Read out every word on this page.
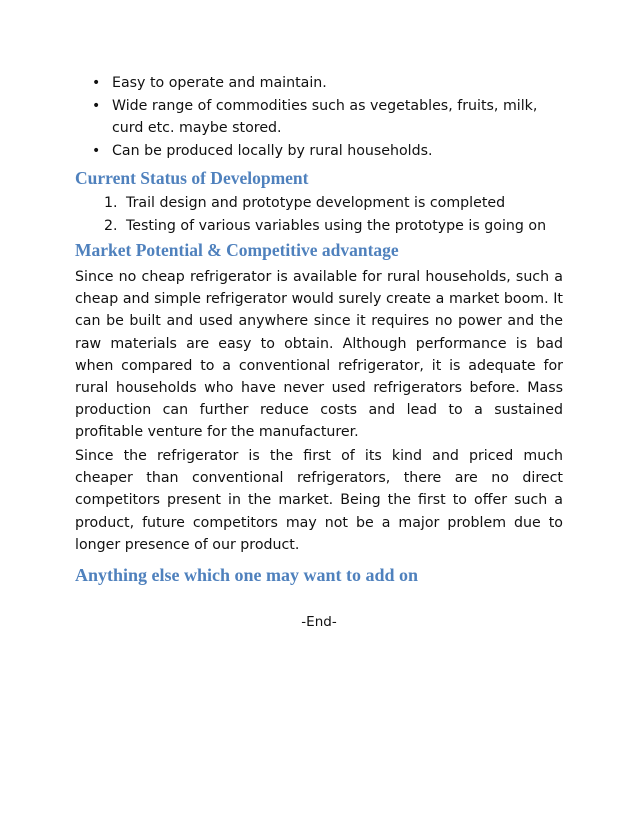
• Easy to operate and maintain.
• Wide range of commodities such as vegetables, fruits, milk, curd etc. maybe stored.
• Can be produced locally by rural households.
Current Status of Development
1. Trail design and prototype development is completed
2. Testing of various variables using the prototype is going on
Market Potential & Competitive advantage

Since no cheap refrigerator is available for rural households, such a cheap and simple refrigerator would surely create a market boom. It can be built and used anywhere since it requires no power and the raw materials are easy to obtain. Although performance is bad when compared to a conventional refrigerator, it is adequate for rural households who have never used refrigerators before. Mass production can further reduce costs and lead to a sustained profitable venture for the manufacturer.

Since the refrigerator is the first of its kind and priced much cheaper than conventional refrigerators, there are no direct competitors present in the market. Being the first to offer such a product, future competitors may not be a major problem due to longer presence of our product.

Anything else which one may want to add on

-End-
